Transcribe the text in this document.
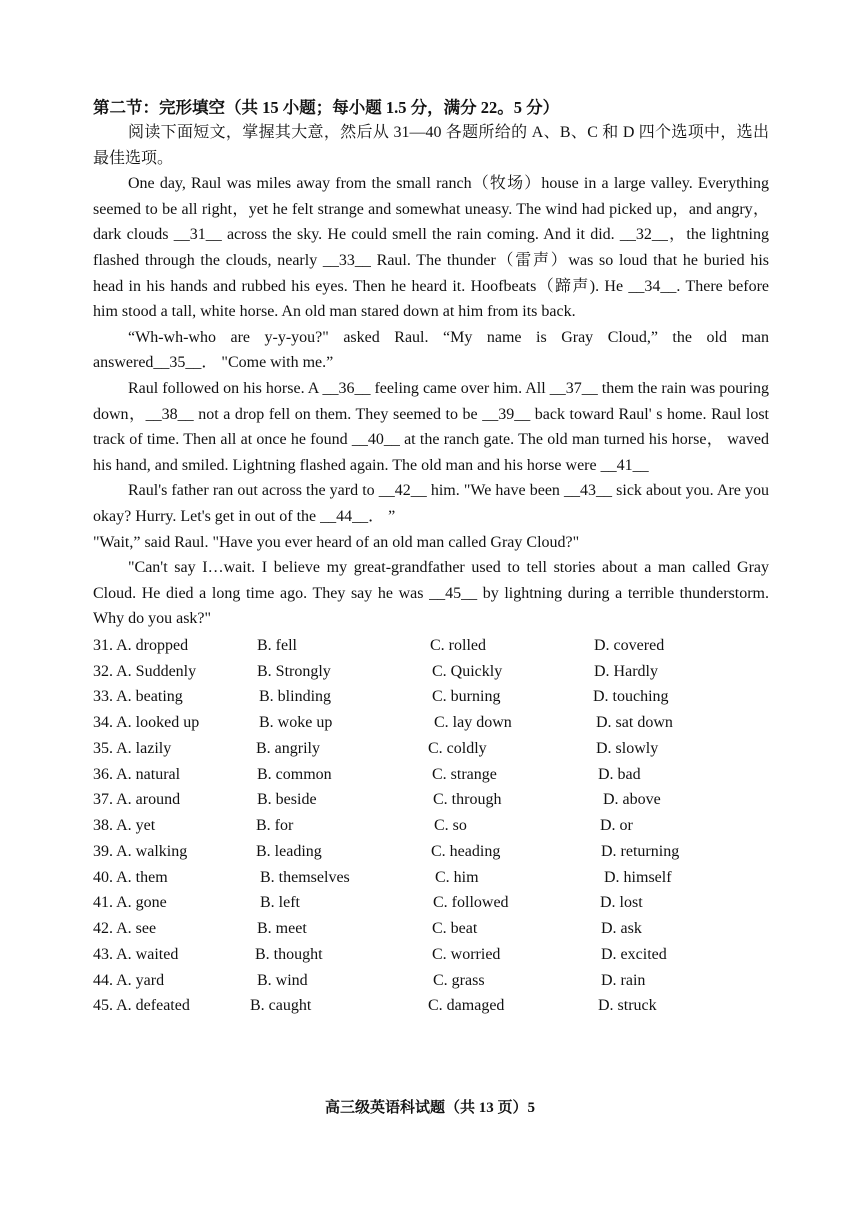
第二节：完形填空（共 15 小题；每小题 1.5 分，满分 22。5 分）

阅读下面短文，掌握其大意，然后从 31—40 各题所给的 A、B、C 和 D 四个选项中，选出最佳选项。

One day, Raul was miles away from the small ranch（牧场）house in a large valley. Everything seemed to be all right，yet he felt strange and somewhat uneasy. The wind had picked up，and angry，dark clouds __31__ across the sky. He could smell the rain coming. And it did. __32__，the lightning flashed through the clouds, nearly __33__ Raul. The thunder（雷声）was so loud that he buried his head in his hands and rubbed his eyes. Then he heard it. Hoofbeats（蹄声). He __34__. There before him stood a tall, white horse. An old man stared down at him from its back.

“Wh-wh-who are y-y-you?" asked Raul. “My name is Gray Cloud,” the old man answered__35__． "Come with me.”

Raul followed on his horse. A __36__ feeling came over him. All __37__ them the rain was pouring down，__38__ not a drop fell on them. They seemed to be __39__ back toward Raul' s home. Raul lost track of time. Then all at once he found __40__ at the ranch gate. The old man turned his horse， waved his hand, and smiled. Lightning flashed again. The old man and his horse were __41__

Raul's father ran out across the yard to __42__ him. "We have been __43__ sick about you. Are you okay? Hurry. Let's get in out of the __44__． ”

"Wait,” said Raul. "Have you ever heard of an old man called Gray Cloud?"

"Can't say I…wait. I believe my great-grandfather used to tell stories about a man called Gray Cloud. He died a long time ago. They say he was __45__ by lightning during a terrible thunderstorm. Why do you ask?"

31. A. dropped	B. fell	C. rolled	D. covered
32. A. Suddenly	B. Strongly	C. Quickly	D. Hardly
33. A. beating	B. blinding	C. burning	D. touching
34. A. looked up	B. woke up	C. lay down	D. sat down
35. A. lazily	B. angrily	C. coldly	D. slowly
36. A. natural	B. common	C. strange	D. bad
37. A. around	B. beside	C. through	D. above
38. A. yet	B. for	C. so	D. or
39. A. walking	B. leading	C. heading	D. returning
40. A. them	B. themselves	C. him	D. himself
41. A. gone	B. left	C. followed	D. lost
42. A. see	B. meet	C. beat	D. ask
43. A. waited	B. thought	C. worried	D. excited
44. A. yard	B. wind	C. grass	D. rain
45. A. defeated	B. caught	C. damaged	D. struck
高三级英语科试题（共 13 页）5
